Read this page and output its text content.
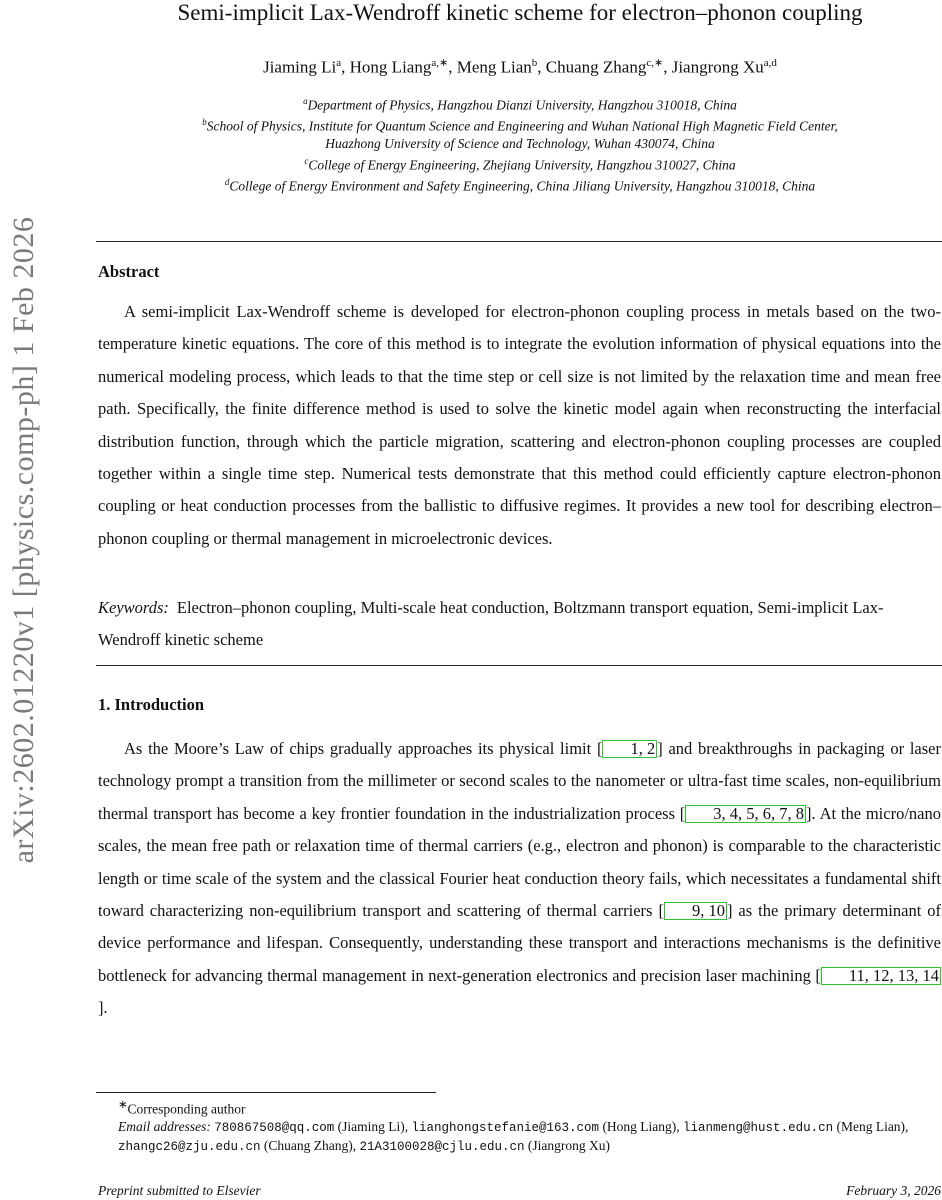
arXiv:2602.01220v1 [physics.comp-ph] 1 Feb 2026
Semi-implicit Lax-Wendroff kinetic scheme for electron–phonon coupling
Jiaming Li$^a$, Hong Liang$^{a,∗}$, Meng Lian$^b$, Chuang Zhang$^{c,∗}$, Jiangrong Xu$^{a,d}$
$^a$Department of Physics, Hangzhou Dianzi University, Hangzhou 310018, China
$^b$School of Physics, Institute for Quantum Science and Engineering and Wuhan National High Magnetic Field Center,
Huazhong University of Science and Technology, Wuhan 430074, China
$^c$College of Energy Engineering, Zhejiang University, Hangzhou 310027, China
$^d$College of Energy Environment and Safety Engineering, China Jiliang University, Hangzhou 310018, China
Abstract

A semi-implicit Lax-Wendroff scheme is developed for electron-phonon coupling process in metals based on the two-temperature kinetic equations. The core of this method is to integrate the evolution information of physical equations into the numerical modeling process, which leads to that the time step or cell size is not limited by the relaxation time and mean free path. Specifically, the finite difference method is used to solve the kinetic model again when reconstructing the interfacial distribution function, through which the particle migration, scattering and electron-phonon coupling processes are coupled together within a single time step. Numerical tests demonstrate that this method could efficiently capture electron-phonon coupling or heat conduction processes from the ballistic to diffusive regimes. It provides a new tool for describing electron–phonon coupling or thermal management in microelectronic devices.

Keywords: Electron–phonon coupling, Multi-scale heat conduction, Boltzmann transport equation, Semi-implicit Lax-Wendroff kinetic scheme

1. Introduction

As the Moore’s Law of chips gradually approaches its physical limit [ 1, 2 ] and breakthroughs in packaging or laser technology prompt a transition from the millimeter or second scales to the nanometer or ultra-fast time scales, non-equilibrium thermal transport has become a key frontier foundation in the industrialization process [ 3, 4, 5, 6, 7, 8 ]. At the micro/nano scales, the mean free path or relaxation time of thermal carriers (e.g., electron and phonon) is comparable to the characteristic length or time scale of the system and the classical Fourier heat conduction theory fails, which necessitates a fundamental shift toward characterizing non-equilibrium transport and scattering of thermal carriers [ 9, 10 ] as the primary determinant of device performance and lifespan. Consequently, understanding these transport and interactions mechanisms is the definitive bottleneck for advancing thermal management in next-generation electronics and precision laser machining [ 11, 12, 13, 14].

∗Corresponding author
Email addresses: 780867508@qq.com (Jiaming Li), lianghongstefanie@163.com (Hong Liang), lianmeng@hust.edu.cn (Meng Lian), zhangc26@zju.edu.cn (Chuang Zhang), 21A3100028@cjlu.edu.cn (Jiangrong Xu)
Preprint submitted to Elsevier	February 3, 2026
